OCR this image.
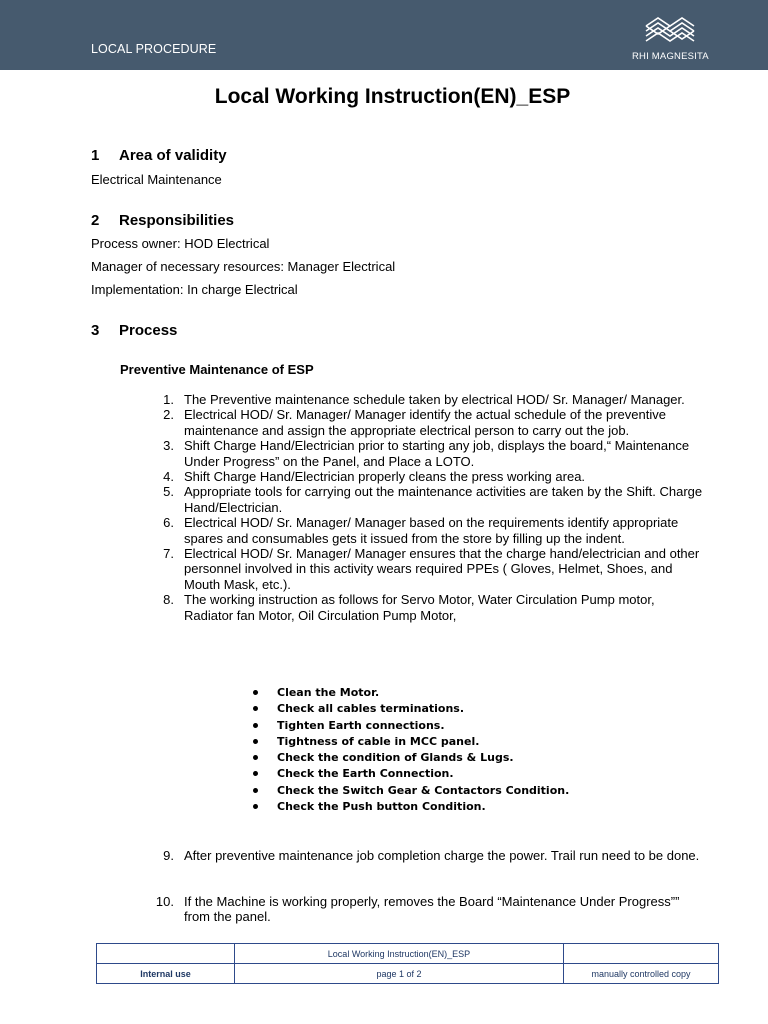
LOCAL PROCEDURE
RHI MAGNESITA
Local Working Instruction(EN)_ESP
1 Area of validity

Electrical Maintenance

2 Responsibilities

Process owner: HOD Electrical

Manager of necessary resources: Manager Electrical

Implementation: In charge Electrical

3 Process

Preventive Maintenance of ESP

1. The Preventive maintenance schedule taken by electrical HOD/ Sr. Manager/ Manager.
2. Electrical HOD/ Sr. Manager/ Manager identify the actual schedule of the preventive maintenance and assign the appropriate electrical person to carry out the job.
3. Shift Charge Hand/Electrician prior to starting any job, displays the board,“ Maintenance Under Progress” on the Panel, and Place a LOTO.
4. Shift Charge Hand/Electrician properly cleans the press working area.
5. Appropriate tools for carrying out the maintenance activities are taken by the Shift. Charge Hand/Electrician.
6. Electrical HOD/ Sr. Manager/ Manager based on the requirements identify appropriate spares and consumables gets it issued from the store by filling up the indent.
7. Electrical HOD/ Sr. Manager/ Manager ensures that the charge hand/electrician and other personnel involved in this activity wears required PPEs ( Gloves, Helmet, Shoes, and Mouth Mask, etc.).
8. The working instruction as follows for Servo Motor, Water Circulation Pump motor, Radiator fan Motor, Oil Circulation Pump Motor,
Clean the Motor.
Check all cables terminations.
Tighten Earth connections.
Tightness of cable in MCC panel.
Check the condition of Glands & Lugs.
Check the Earth Connection.
Check the Switch Gear & Contactors Condition.
Check the Push button Condition.
9. After preventive maintenance job completion charge the power. Trail run need to be done.
10. If the Machine is working properly, removes the Board “Maintenance Under Progress”” from the panel.
	Local Working Instruction(EN)_ESP	
Internal use	page 1 of 2	manually controlled copy
